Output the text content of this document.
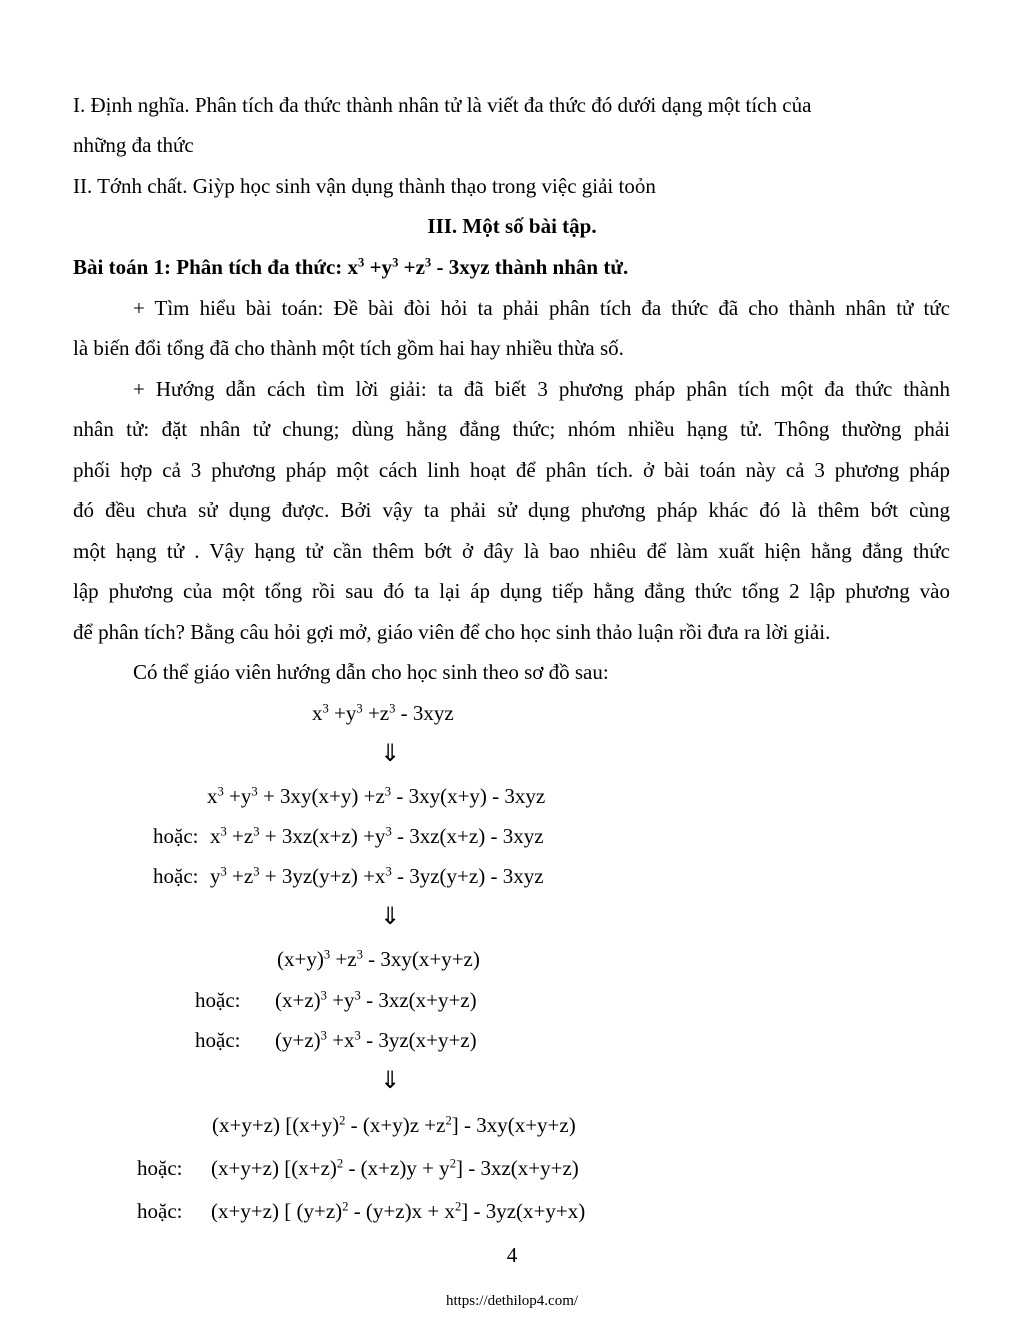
I. Định nghĩa. Phân tích đa thức thành nhân tử là viết đa thức đó dưới dạng một tích của
những đa thức
II. Tớnh chất. Giỳp học sinh vận dụng thành thạo trong việc giải toỏn
III. Một số bài tập.
Bài toán 1: Phân tích đa thức: $x^3 +y^3 +z^3 - 3xyz$ thành nhân tử.
+ Tìm hiểu bài toán: Đề bài đòi hỏi ta phải phân tích đa thức đã cho thành nhân tử tức
là biến đổi tổng đã cho thành một tích gồm hai hay nhiều thừa số.
+ Hướng dẫn cách tìm lời giải: ta đã biết 3 phương pháp phân tích một đa thức thành
nhân tử: đặt nhân tử chung; dùng hằng đẳng thức; nhóm nhiều hạng tử. Thông thường phải
phối hợp cả 3 phương pháp một cách linh hoạt để phân tích. ở bài toán này cả 3 phương pháp
đó đều chưa sử dụng được. Bởi vậy ta phải sử dụng phương pháp khác đó là thêm bớt cùng
một hạng tử . Vậy hạng tử cần thêm bớt ở đây là bao nhiêu để làm xuất hiện hằng đẳng thức
lập phương của một tổng rồi sau đó ta lại áp dụng tiếp hằng đẳng thức tổng 2 lập phương vào
để phân tích? Bằng câu hỏi gợi mở, giáo viên để cho học sinh thảo luận rồi đưa ra lời giải.
Có thể giáo viên hướng dẫn cho học sinh theo sơ đồ sau:
$x^3 +y^3 +z^3 - 3xyz$
⇓
$x^3 +y^3 + 3xy(x+y) +z^3 - 3xy(x+y) - 3xyz$
hoặc: $x^3 +z^3 + 3xz(x+z) +y^3 - 3xz(x+z) - 3xyz$
hoặc: $y^3 +z^3 + 3yz(y+z) +x^3 - 3yz(y+z) - 3xyz$
⇓
$(x+y)^3 +z^3 - 3xy(x+y+z)$
hoặc: $(x+z)^3 +y^3 - 3xz(x+y+z)$
hoặc: $(y+z)^3 +x^3 - 3yz(x+y+z)$
⇓
(x+y+z) $[(x+y)^2 - (x+y)z +z^2] - 3xy(x+y+z)$
hoặc: (x+y+z) $[(x+z)^2 - (x+z)y + y^2] - 3xz(x+y+z)$
hoặc: (x+y+z) [ $(y+z)^2 - (y+z)x + x^2] - 3yz(x+y+x)$
4
https://dethilop4.com/
